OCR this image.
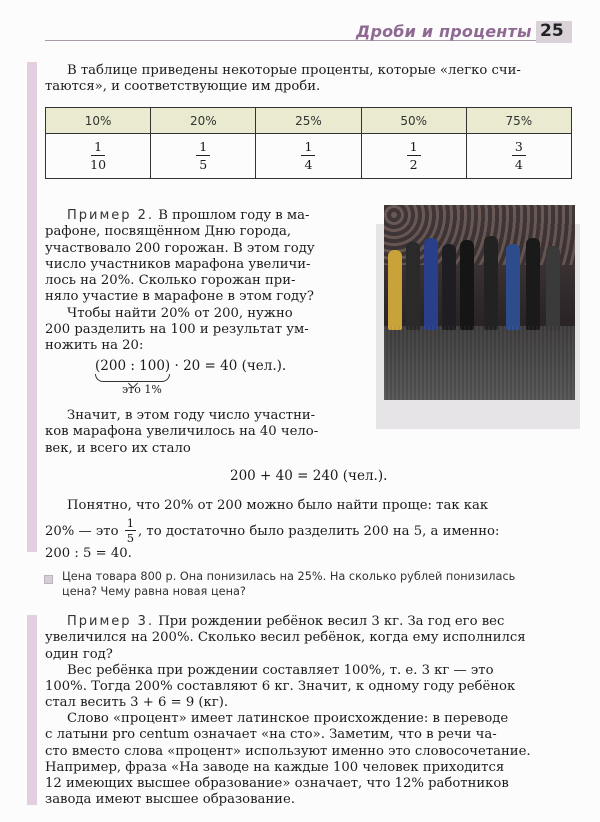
Дроби и проценты 25
В таблице приведены некоторые проценты, которые «легко счи-
таются», и соответствующие им дроби.
10%	20%	25%	50%	75%

$\frac{1}{10}$	$\frac{1}{5}$	$\frac{1}{4}$	$\frac{1}{2}$	$\frac{3}{4}$
Пример 2. В прошлом году в ма-
рафоне, посвящённом Дню города,
участвовало 200 горожан. В этом году
число участников марафона увеличи-
лось на 20%. Сколько горожан при-
няло участие в марафоне в этом году?
Чтобы найти 20% от 200, нужно
200 разделить на 100 и результат ум-
ножить на 20:
(200 : 100)
· 20 = 40 (чел.).
это 1%
Значит, в этом году число участни-
ков марафона увеличилось на 40 чело-
век, и всего их стало
200 + 40 = 240 (чел.).
Понятно, что 20% от 200 можно было найти проще: так как
20% — это $\frac{1}{5}$ , то достаточно было разделить 200 на 5, а именно:
200 : 5 = 40.
Цена товара 800 р. Она понизилась на 25%. На сколько рублей понизилась
цена? Чему равна новая цена?
Пример 3. При рождении ребёнок весил 3 кг. За год его вес
увеличился на 200%. Сколько весил ребёнок, когда ему исполнился
один год?
Вес ребёнка при рождении составляет 100%, т. е. 3 кг — это
100%. Тогда 200% составляют 6 кг. Значит, к одному году ребёнок
стал весить 3 + 6 = 9 (кг).
Слово «процент» имеет латинское происхождение: в переводе
с латыни pro centum означает «на сто». Заметим, что в речи ча-
сто вместо слова «процент» используют именно это словосочетание.
Например, фраза «На заводе на каждые 100 человек приходится
12 имеющих высшее образование» означает, что 12% работников
завода имеют высшее образование.
